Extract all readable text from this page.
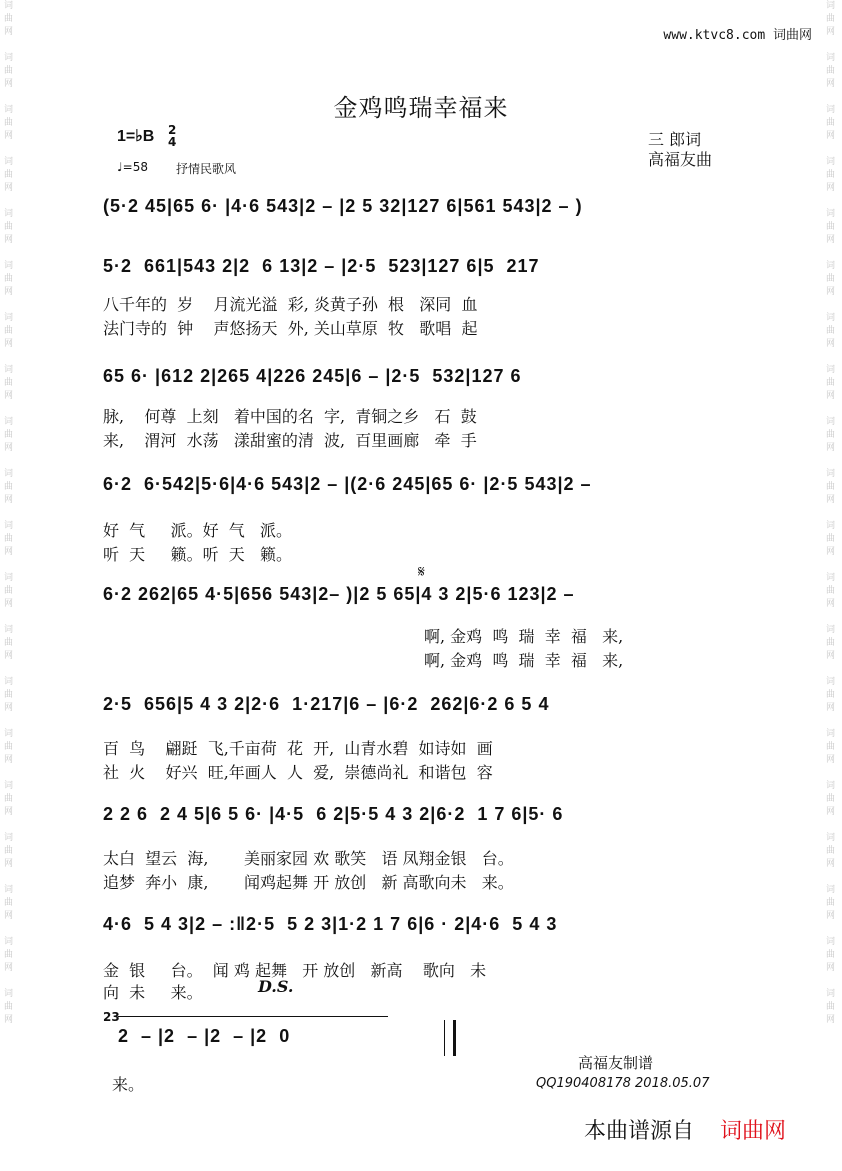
词
曲
网

词
曲
网

词
曲
网

词
曲
网

词
曲
网

词
曲
网

词
曲
网

词
曲
网

词
曲
网

词
曲
网

词
曲
网

词
曲
网

词
曲
网

词
曲
网

词
曲
网

词
曲
网

词
曲
网

词
曲
网

词
曲
网

词
曲
网
词
曲
网

词
曲
网

词
曲
网

词
曲
网

词
曲
网

词
曲
网

词
曲
网

词
曲
网

词
曲
网

词
曲
网

词
曲
网

词
曲
网

词
曲
网

词
曲
网

词
曲
网

词
曲
网

词
曲
网

词
曲
网

词
曲
网

词
曲
网
www.ktvc8.com 词曲网
金鸡鸣瑞幸福来
1=♭B 2
4
♩=58 抒情民歌风
三 郎词
高福友曲
(5·2 45|65 6· |4·6 543|2 – |2 5 32|127 6|561 543|2 – )
5·2  661|543 2|2  6 13|2 – |2·5  523|127 6|5  217
八千年的  岁    月流光溢  彩, 炎黄子孙  根   深同  血
法门寺的  钟    声悠扬天  外, 关山草原  牧   歌唱  起
65 6· |612 2|265 4|226 245|6 – |2·5  532|127 6
脉,    何尊  上刻   着中国的名  字,  青铜之乡   石  鼓
来,    渭河  水荡   漾甜蜜的清  波,  百里画廊   牵  手
6·2  6·542|5·6|4·6 543|2 – |(2·6 245|65 6· |2·5 543|2 –
好  气     派。好  气   派。
听  天     籁。听  天   籁。
𝄋
6·2 262|65 4·5|656 543|2– )|2 5 65|4 3 2|5·6 123|2 –
啊, 金鸡  鸣  瑞  幸  福   来,
啊, 金鸡  鸣  瑞  幸  福   来,
2·5  656|5 4 3 2|2·6  1·217|6 – |6·2  262|6·2 6 5 4
百  鸟    翩跹  飞,千亩荷  花  开,  山青水碧  如诗如  画
社  火    好兴  旺,年画人  人  爱,  崇德尚礼  和谐包  容
2 2 6  2 4 5|6 5 6· |4·5  6 2|5·5 4 3 2|6·2  1 7 6|5· 6
太白  望云  海,       美丽家园 欢 歌笑   语 凤翔金银   台。
追梦  奔小  康,       闻鸡起舞 开 放创   新 高歌向未   来。
4·6  5 4 3|2 – :‖2·5  5 2 3|1·2 1 7 6|6 · 2|4·6  5 4 3
金  银     台。  闻 鸡 起舞   开 放创   新高    歌向   未
向  未     来。	D.S.
23
2  – |2  – |2  – |2  0
来。
高福友制谱
QQ190408178 2018.05.07
本曲谱源自 词曲网
